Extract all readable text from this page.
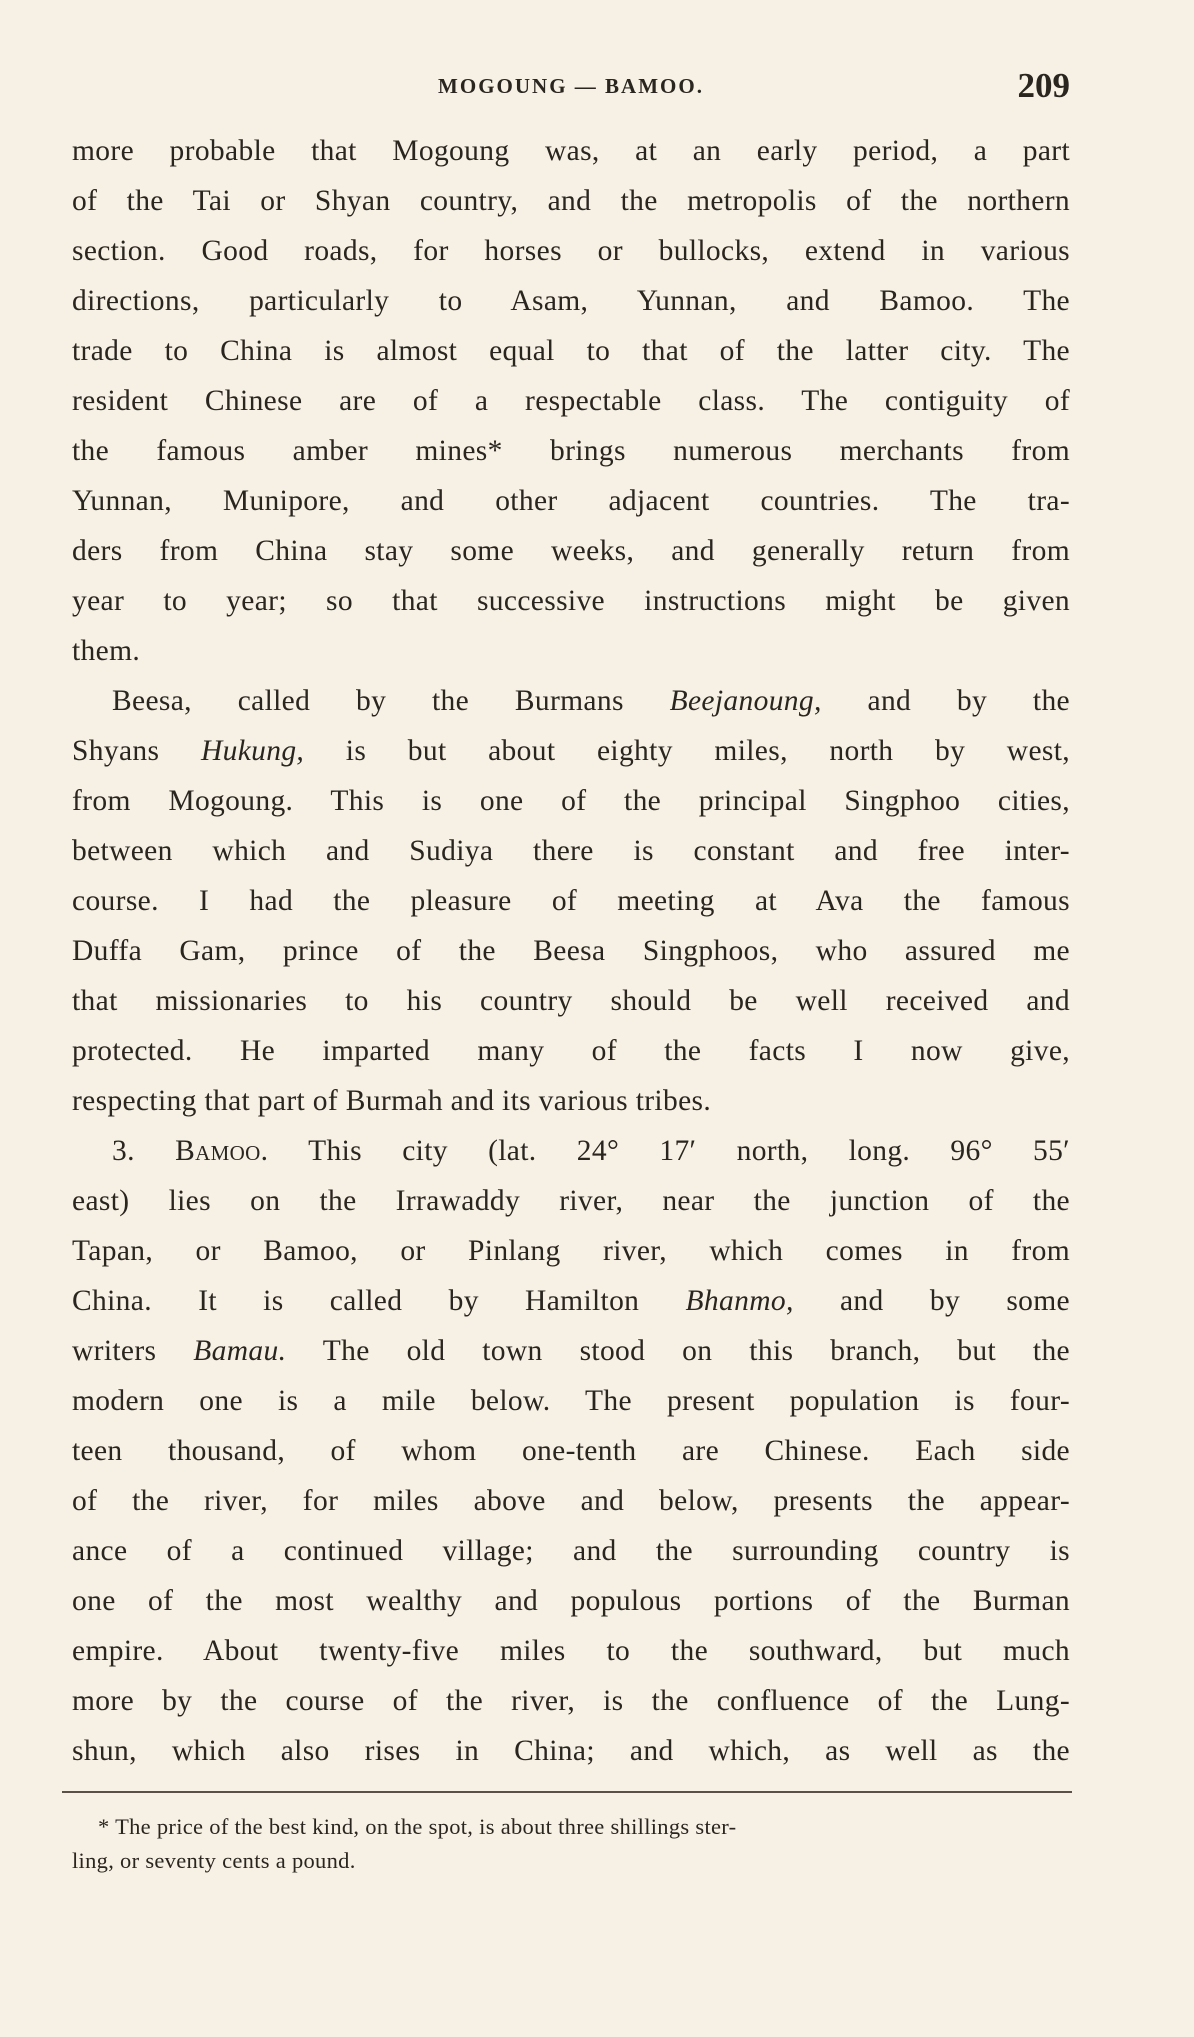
MOGOUNG — BAMOO.	209

more probable that Mogoung was, at an early period, a part

of the Tai or Shyan country, and the metropolis of the northern

section. Good roads, for horses or bullocks, extend in various

directions, particularly to Asam, Yunnan, and Bamoo. The

trade to China is almost equal to that of the latter city. The

resident Chinese are of a respectable class. The contiguity of

the famous amber mines* brings numerous merchants from

Yunnan, Munipore, and other adjacent countries. The tra-

ders from China stay some weeks, and generally return from

year to year; so that successive instructions might be given

them.

Beesa, called by the Burmans Beejanoung, and by the

Shyans Hukung, is but about eighty miles, north by west,

from Mogoung. This is one of the principal Singphoo cities,

between which and Sudiya there is constant and free inter-

course. I had the pleasure of meeting at Ava the famous

Duffa Gam, prince of the Beesa Singphoos, who assured me

that missionaries to his country should be well received and

protected. He imparted many of the facts I now give,

respecting that part of Burmah and its various tribes.

3. Bamoo. This city (lat. 24° 17′ north, long. 96° 55′

east) lies on the Irrawaddy river, near the junction of the

Tapan, or Bamoo, or Pinlang river, which comes in from

China. It is called by Hamilton Bhanmo, and by some

writers Bamau. The old town stood on this branch, but the

modern one is a mile below. The present population is four-

teen thousand, of whom one-tenth are Chinese. Each side

of the river, for miles above and below, presents the appear-

ance of a continued village; and the surrounding country is

one of the most wealthy and populous portions of the Burman

empire. About twenty-five miles to the southward, but much

more by the course of the river, is the confluence of the Lung-

shun, which also rises in China; and which, as well as the

* The price of the best kind, on the spot, is about three shillings ster-

ling, or seventy cents a pound.
